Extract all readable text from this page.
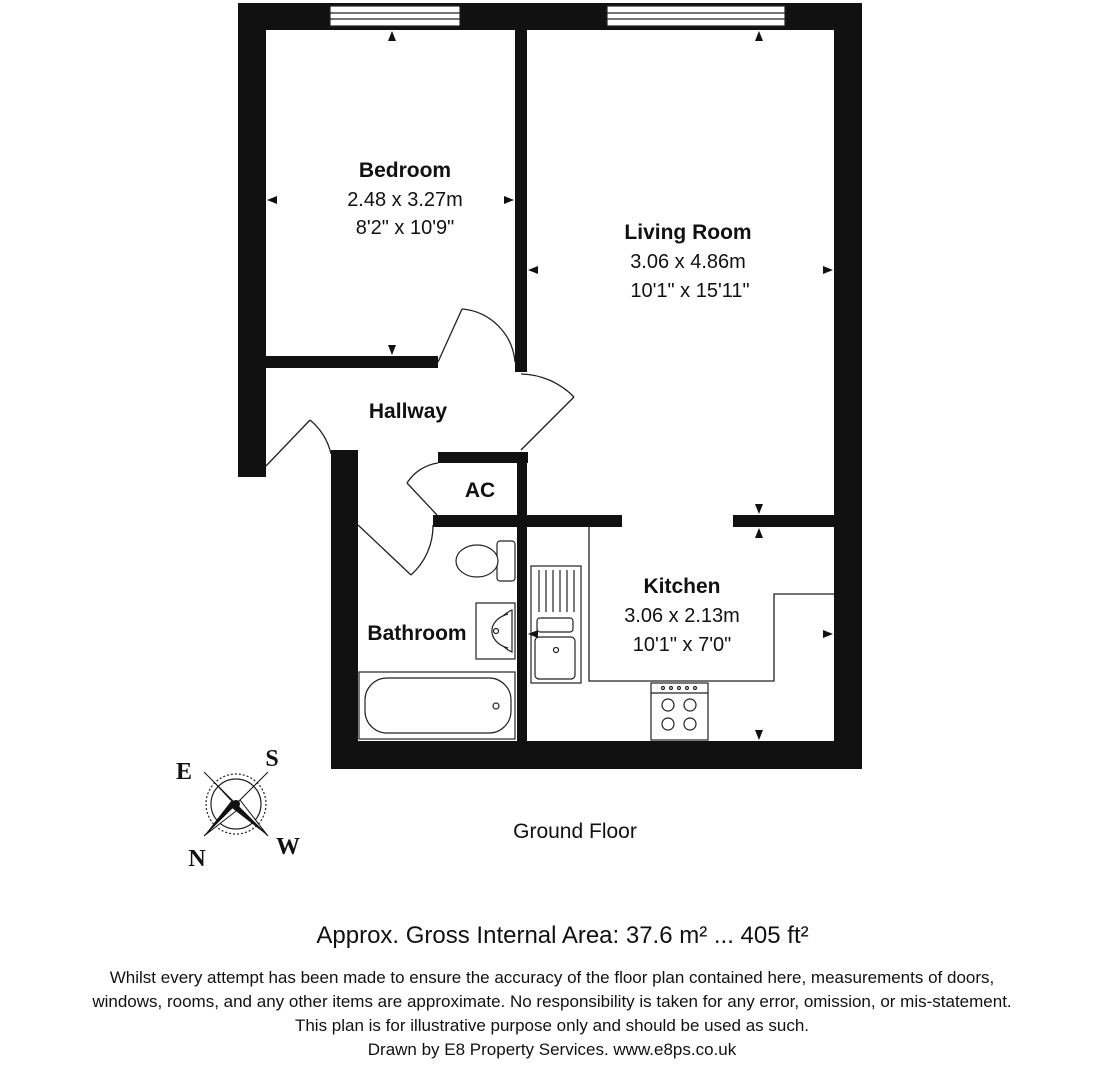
Bedroom
2.48 x 3.27m
8'2" x 10'9"	Living Room
3.06 x 4.86m
10'1" x 15'11"
Hallway
AC
Kitchen
3.06 x 2.13m
10'1" x 7'0"
Bathroom
E	S
W
N
Ground Floor
Approx. Gross Internal Area: 37.6 m² ... 405 ft²
Whilst every attempt has been made to ensure the accuracy of the floor plan contained here, measurements of doors,
windows, rooms, and any other items are approximate. No responsibility is taken for any error, omission, or mis-statement.
This plan is for illustrative purpose only and should be used as such.
Drawn by E8 Property Services. www.e8ps.co.uk
